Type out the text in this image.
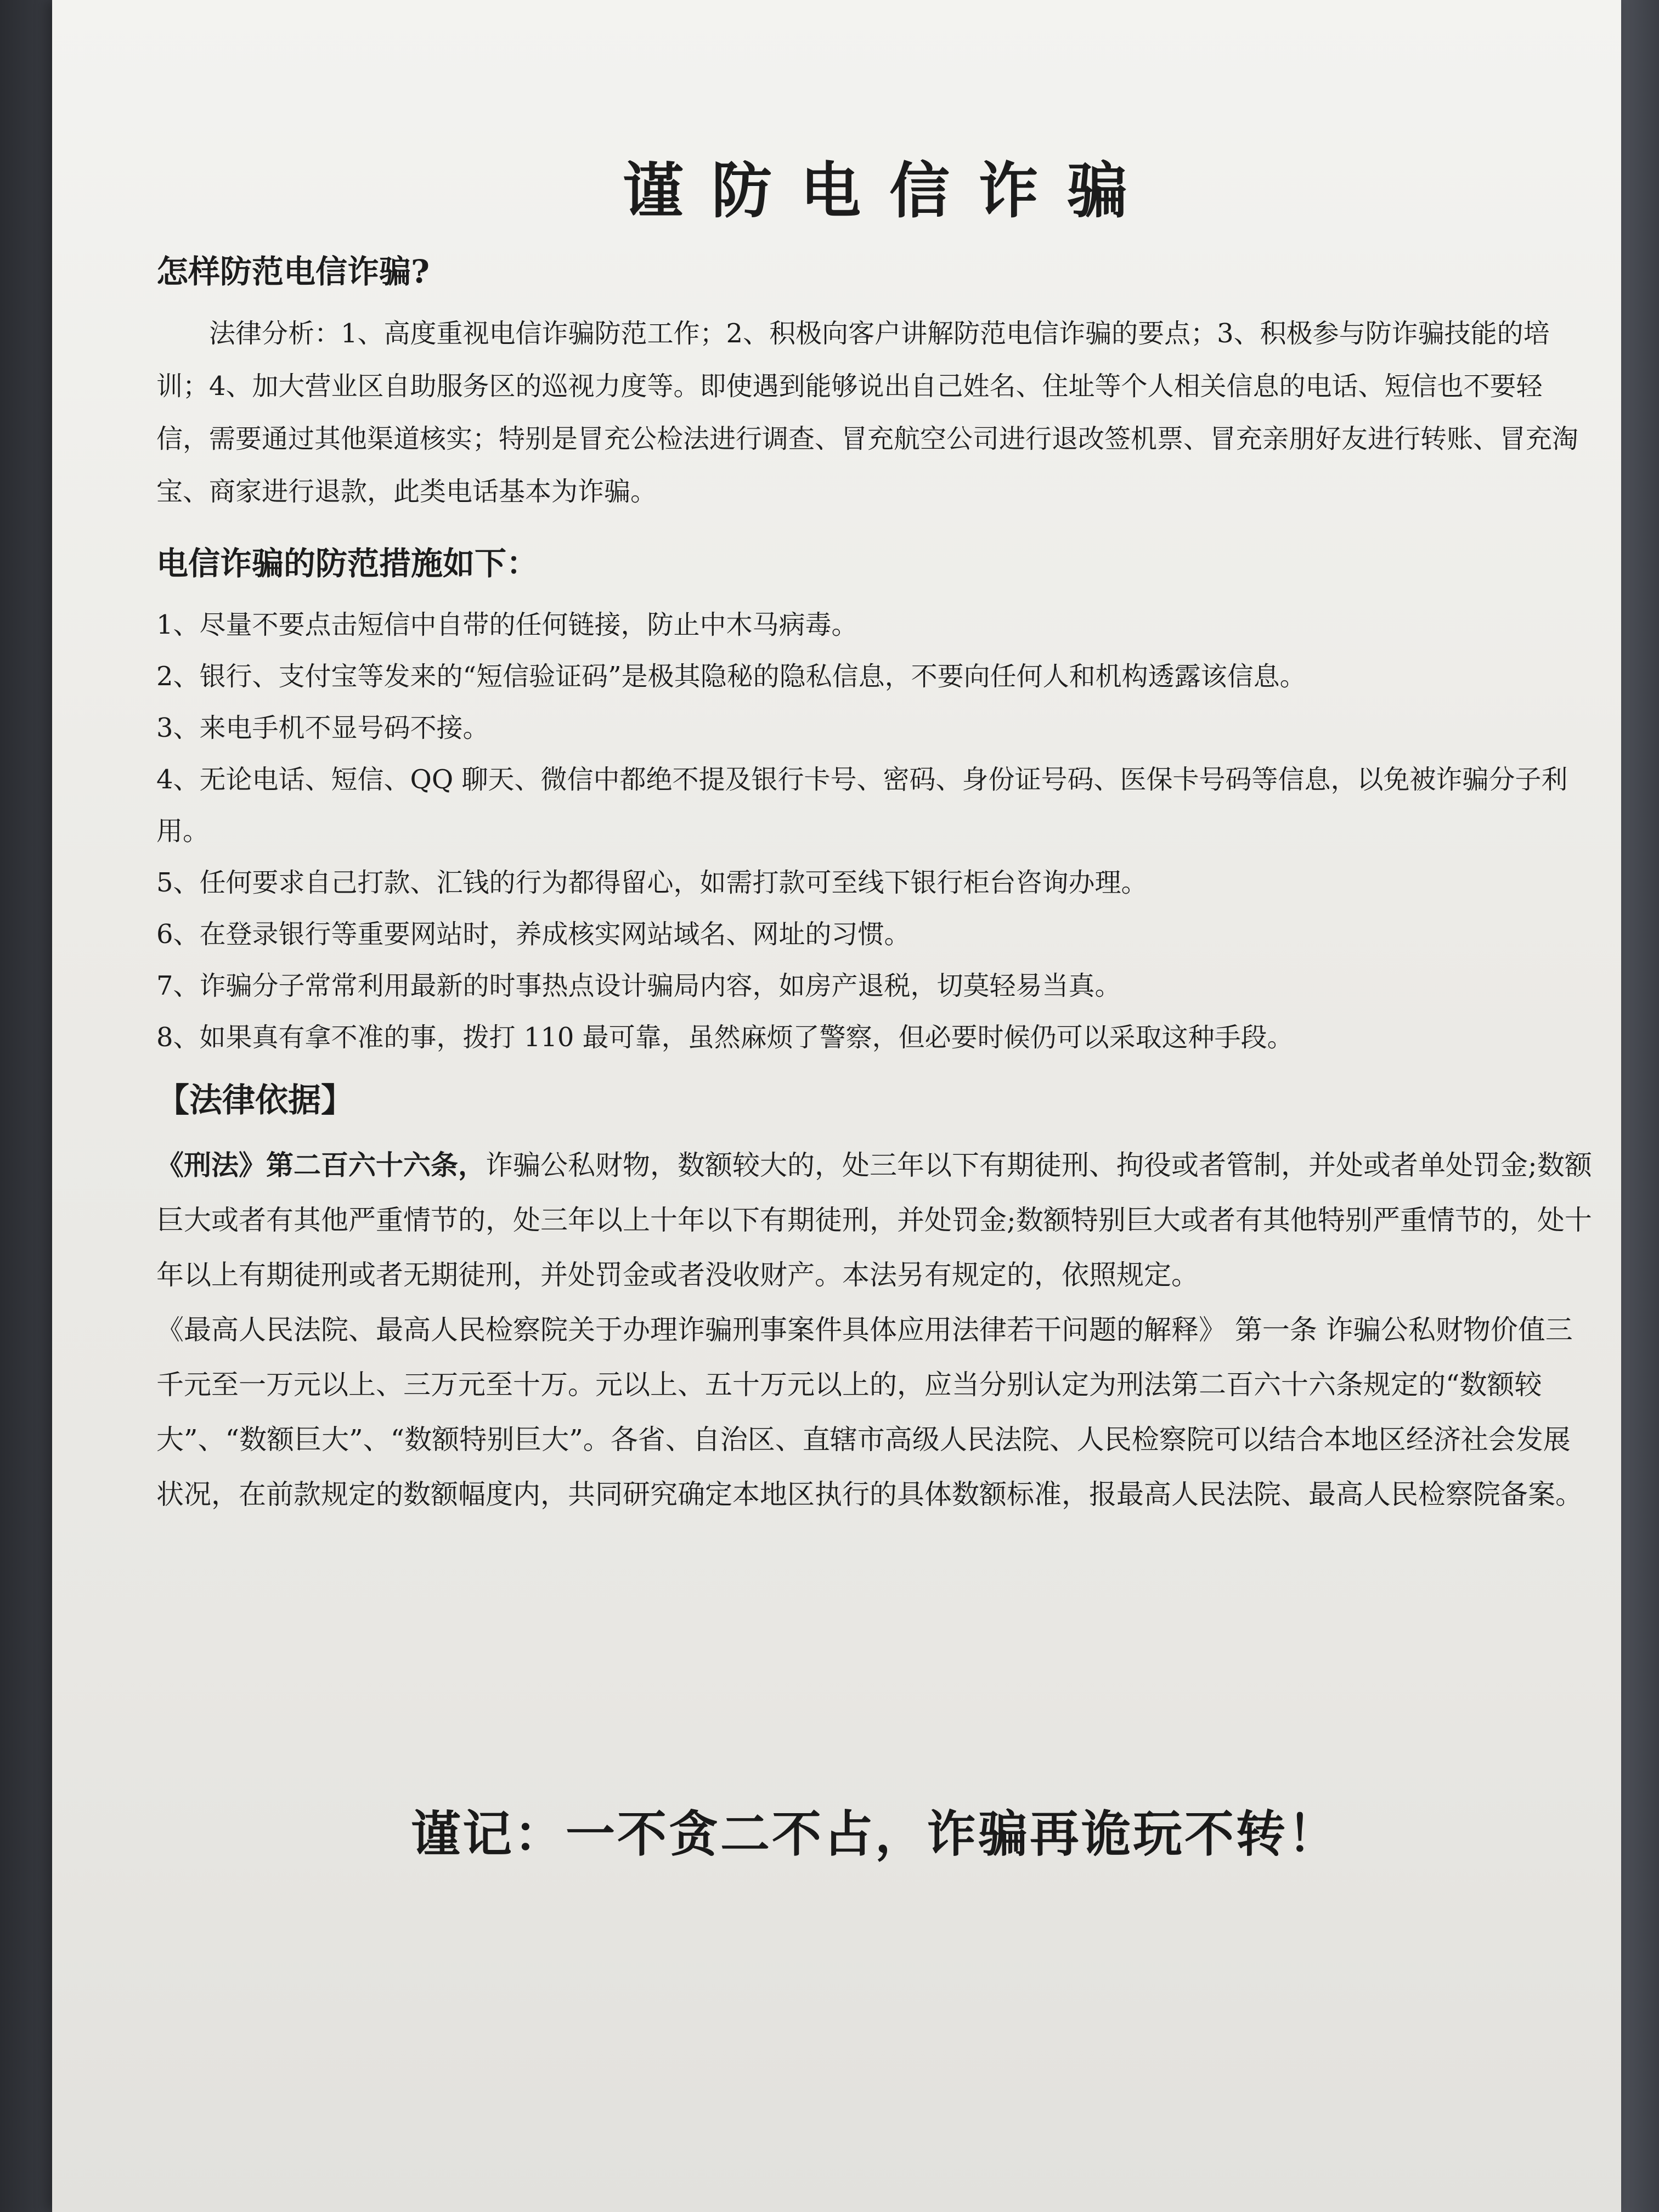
谨防电信诈骗
怎样防范电信诈骗?

法律分析：1、高度重视电信诈骗防范工作；2、积极向客户讲解防范电信诈骗的要点；3、积极参与防诈骗技能的培训；4、加大营业区自助服务区的巡视力度等。即使遇到能够说出自己姓名、住址等个人相关信息的电话、短信也不要轻信，需要通过其他渠道核实；特别是冒充公检法进行调查、冒充航空公司进行退改签机票、冒充亲朋好友进行转账、冒充淘宝、商家进行退款，此类电话基本为诈骗。

电信诈骗的防范措施如下：
1、尽量不要点击短信中自带的任何链接，防止中木马病毒。
2、银行、支付宝等发来的“短信验证码”是极其隐秘的隐私信息，不要向任何人和机构透露该信息。
3、来电手机不显号码不接。
4、无论电话、短信、QQ 聊天、微信中都绝不提及银行卡号、密码、身份证号码、医保卡号码等信息，以免被诈骗分子利用。
5、任何要求自己打款、汇钱的行为都得留心，如需打款可至线下银行柜台咨询办理。
6、在登录银行等重要网站时，养成核实网站域名、网址的习惯。
7、诈骗分子常常利用最新的时事热点设计骗局内容，如房产退税，切莫轻易当真。
8、如果真有拿不准的事，拨打 110 最可靠，虽然麻烦了警察，但必要时候仍可以采取这种手段。
【法律依据】

《刑法》第二百六十六条，诈骗公私财物，数额较大的，处三年以下有期徒刑、拘役或者管制，并处或者单处罚金;数额巨大或者有其他严重情节的，处三年以上十年以下有期徒刑，并处罚金;数额特别巨大或者有其他特别严重情节的，处十年以上有期徒刑或者无期徒刑，并处罚金或者没收财产。本法另有规定的，依照规定。

《最高人民法院、最高人民检察院关于办理诈骗刑事案件具体应用法律若干问题的解释》 第一条 诈骗公私财物价值三千元至一万元以上、三万元至十万。元以上、五十万元以上的，应当分别认定为刑法第二百六十六条规定的“数额较大”、“数额巨大”、“数额特别巨大”。各省、自治区、直辖市高级人民法院、人民检察院可以结合本地区经济社会发展状况，在前款规定的数额幅度内，共同研究确定本地区执行的具体数额标准，报最高人民法院、最高人民检察院备案。

谨记：一不贪二不占，诈骗再诡玩不转！
